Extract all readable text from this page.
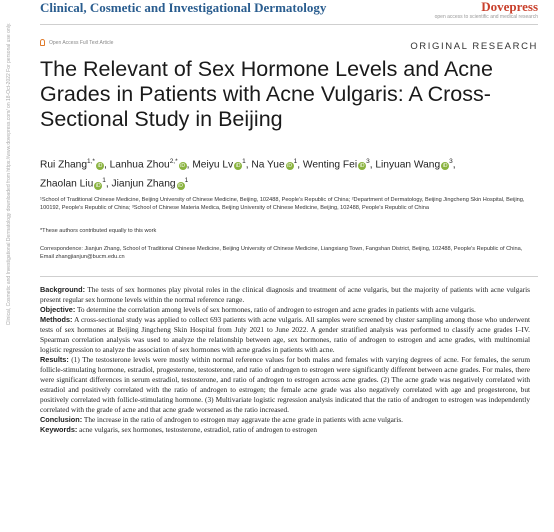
Clinical, Cosmetic and Investigational Dermatology	Dovepress
open access to scientific and medical research
Open Access Full Text Article	ORIGINAL RESEARCH
The Relevant of Sex Hormone Levels and Acne Grades in Patients with Acne Vulgaris: A Cross-Sectional Study in Beijing
Rui Zhang$^{1,*}$iD , Lanhua Zhou$^{2,*}$iD , Meiyu Lv $iD^1$, Na Yue $iD^1$, Wenting Fei $iD^3$, Linyuan Wang $iD^3$,
Zhaolan Liu $iD^1$, Jianjun Zhang $iD^1$
¹School of Traditional Chinese Medicine, Beijing University of Chinese Medicine, Beijing, 102488, People's Republic of China; ²Department of Dermatology, Beijing Jingcheng Skin Hospital, Beijing, 100192, People's Republic of China; ³School of Chinese Materia Medica, Beijing University of Chinese Medicine, Beijing, 102488, People's Republic of China
*These authors contributed equally to this work
Correspondence: Jianjun Zhang, School of Traditional Chinese Medicine, Beijing University of Chinese Medicine, Liangxiang Town, Fangshan District, Beijing, 102488, People's Republic of China, Email zhangjianjun@bucm.edu.cn

Background: The tests of sex hormones play pivotal roles in the clinical diagnosis and treatment of acne vulgaris, but the majority of patients with acne vulgaris present regular sex hormone levels within the normal reference range.

Objective: To determine the correlation among levels of sex hormones, ratio of androgen to estrogen and acne grades in patients with acne vulgaris.

Methods: A cross-sectional study was applied to collect 693 patients with acne vulgaris. All samples were screened by cluster sampling among those who underwent tests of sex hormones at Beijing Jingcheng Skin Hospital from July 2021 to June 2022. A gender stratified analysis was performed to classify acne grades I–IV. Spearman correlation analysis was used to analyze the relationship between age, sex hormones, ratio of androgen to estrogen and acne grades, with multinomial logistic regression to analyze the association of sex hormones with acne grades in patients with acne.

Results: (1) The testosterone levels were mostly within normal reference values for both males and females with varying degrees of acne. For females, the serum follicle-stimulating hormone, estradiol, progesterone, testosterone, and ratio of androgen to estrogen were significantly different between acne grades. For males, there were significant differences in serum estradiol, testosterone, and ratio of androgen to estrogen across acne grades. (2) The acne grade was negatively correlated with estradiol and positively correlated with the ratio of androgen to estrogen; the female acne grade was also negatively correlated with age and progesterone, but positively correlated with follicle-stimulating hormone. (3) Multivariate logistic regression analysis indicated that the ratio of androgen to estrogen was independently correlated with the grade of acne and that acne grade worsened as the ratio increased.

Conclusion: The increase in the ratio of androgen to estrogen may aggravate the acne grade in patients with acne vulgaris.

Keywords: acne vulgaris, sex hormones, testosterone, estradiol, ratio of androgen to estrogen

Clinical, Cosmetic and Investigational Dermatology downloaded from https://www.dovepress.com/ on 18-Oct-2022 For personal use only.
